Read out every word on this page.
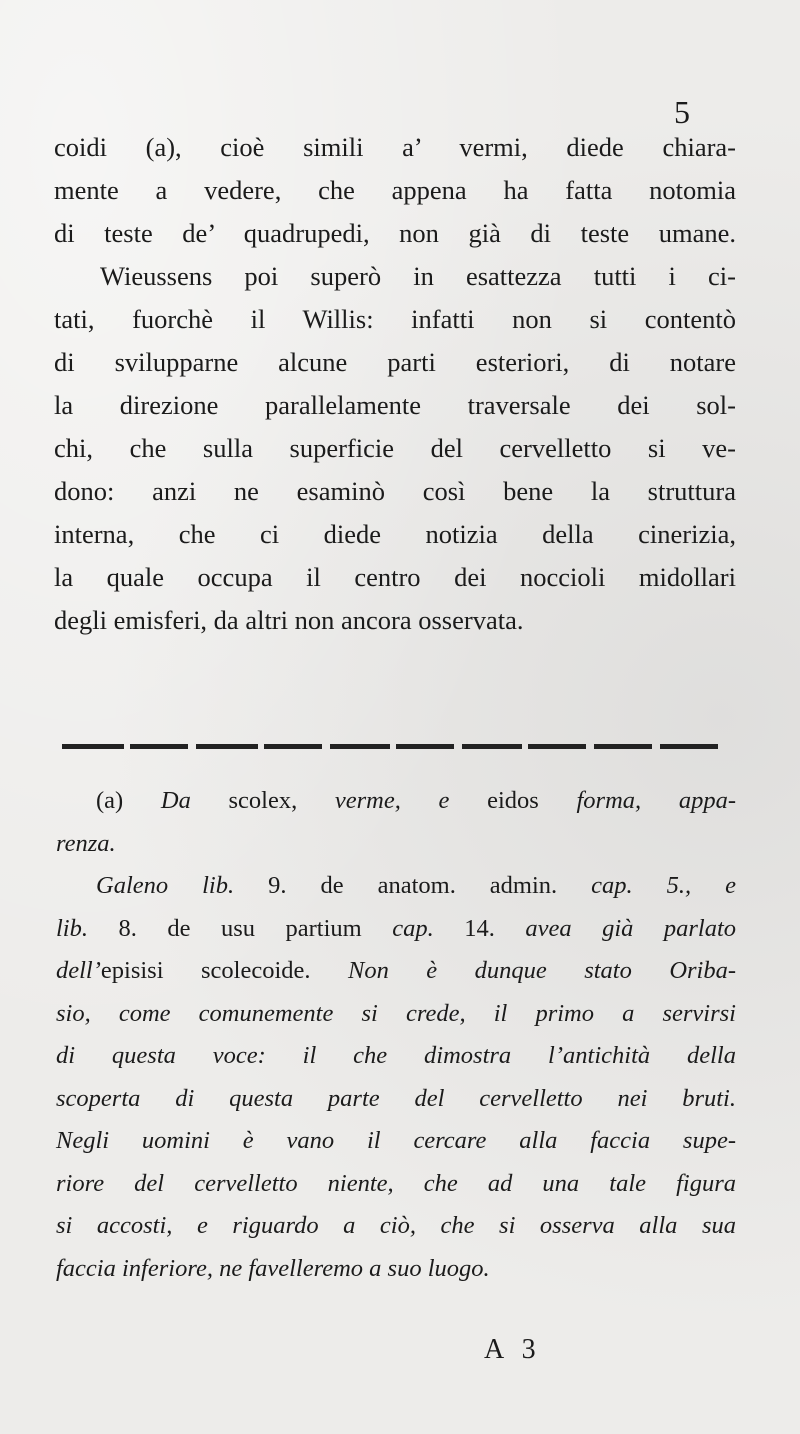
5
coidi (a), cioè simili a’ vermi, diede chiara-
mente a vedere, che appena ha fatta notomia
di teste de’ quadrupedi, non già di teste umane.
Wieussens poi superò in esattezza tutti i ci-
tati, fuorchè il Willis: infatti non si contentò
di svilupparne alcune parti esteriori, di notare
la direzione parallelamente traversale dei sol-
chi, che sulla superficie del cervelletto si ve-
dono: anzi ne esaminò così bene la struttura
interna, che ci diede notizia della cinerizia,
la quale occupa il centro dei noccioli midollari
degli emisferi, da altri non ancora osservata.
(a) Da scolex, verme, e eidos forma, appa-
renza.
Galeno lib. 9. de anatom. admin. cap. 5., e
lib. 8. de usu partium cap. 14. avea già parlato
dell’episisi scolecoide. Non è dunque stato Oriba-
sio, come comunemente si crede, il primo a servirsi
di questa voce: il che dimostra l’antichità della
scoperta di questa parte del cervelletto nei bruti.
Negli uomini è vano il cercare alla faccia supe-
riore del cervelletto niente, che ad una tale figura
si accosti, e riguardo a ciò, che si osserva alla sua
faccia inferiore, ne favelleremo a suo luogo.
A 3
